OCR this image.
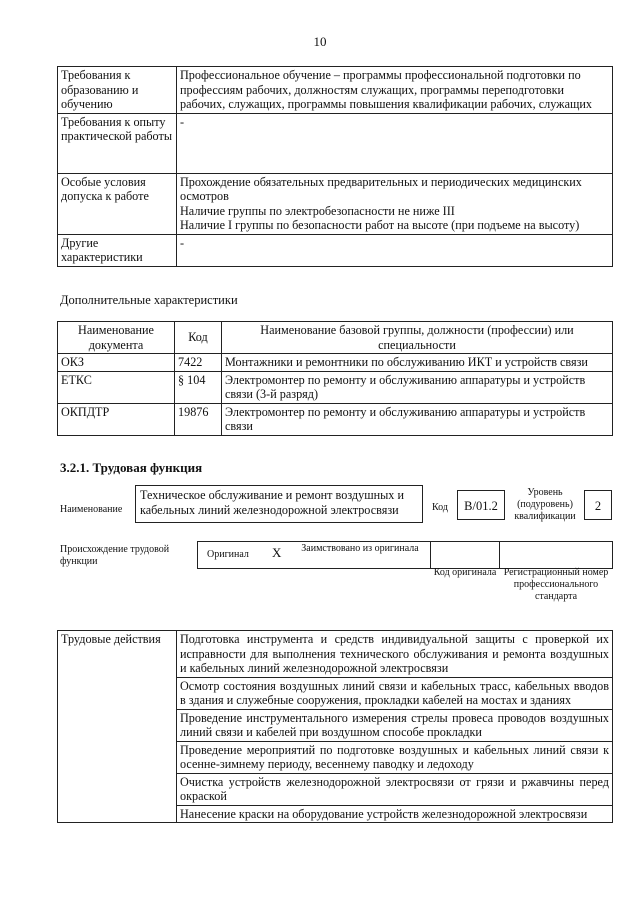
10
Требования к образованию и обучению	Профессиональное обучение – программы профессиональной подготовки по профессиям рабочих, должностям служащих, программы переподготовки рабочих, служащих, программы повышения квалификации рабочих, служащих
Требования к опыту практической работы	-
Особые условия допуска к работе	Прохождение обязательных предварительных и периодических медицинских осмотров
Наличие группы по электробезопасности не ниже III
Наличие I группы по безопасности работ на высоте (при подъеме на высоту)
Другие характеристики	-
Дополнительные характеристики
Наименование документа	Код	Наименование базовой группы, должности (профессии) или специальности
ОКЗ	7422	Монтажники и ремонтники по обслуживанию ИКТ и устройств связи
ЕТКС	§ 104	Электромонтер по ремонту и обслуживанию аппаратуры и устройств связи (3-й разряд)
ОКПДТР	19876	Электромонтер по ремонту и обслуживанию аппаратуры и устройств связи
3.2.1. Трудовая функция
Наименование
Техническое обслуживание и ремонт воздушных и кабельных линий железнодорожной электросвязи	Код	В/01.2
Уровень (подуровень) квалификации
2
Происхождение трудовой функции
Оригинал X Заимствовано из оригинала
Код оригинала Регистрационный номер профессионального стандарта
Трудовые действия	Подготовка инструмента и средств индивидуальной защиты с проверкой их исправности для выполнения технического обслуживания и ремонта воздушных и кабельных линий железнодорожной электросвязи
Осмотр состояния воздушных линий связи и кабельных трасс, кабельных вводов в здания и служебные сооружения, прокладки кабелей на мостах и зданиях
Проведение инструментального измерения стрелы провеса проводов воздушных линий связи и кабелей при воздушном способе прокладки
Проведение мероприятий по подготовке воздушных и кабельных линий связи к осенне-зимнему периоду, весеннему паводку и ледоходу
Очистка устройств железнодорожной электросвязи от грязи и ржавчины перед окраской
Нанесение краски на оборудование устройств железнодорожной электросвязи
